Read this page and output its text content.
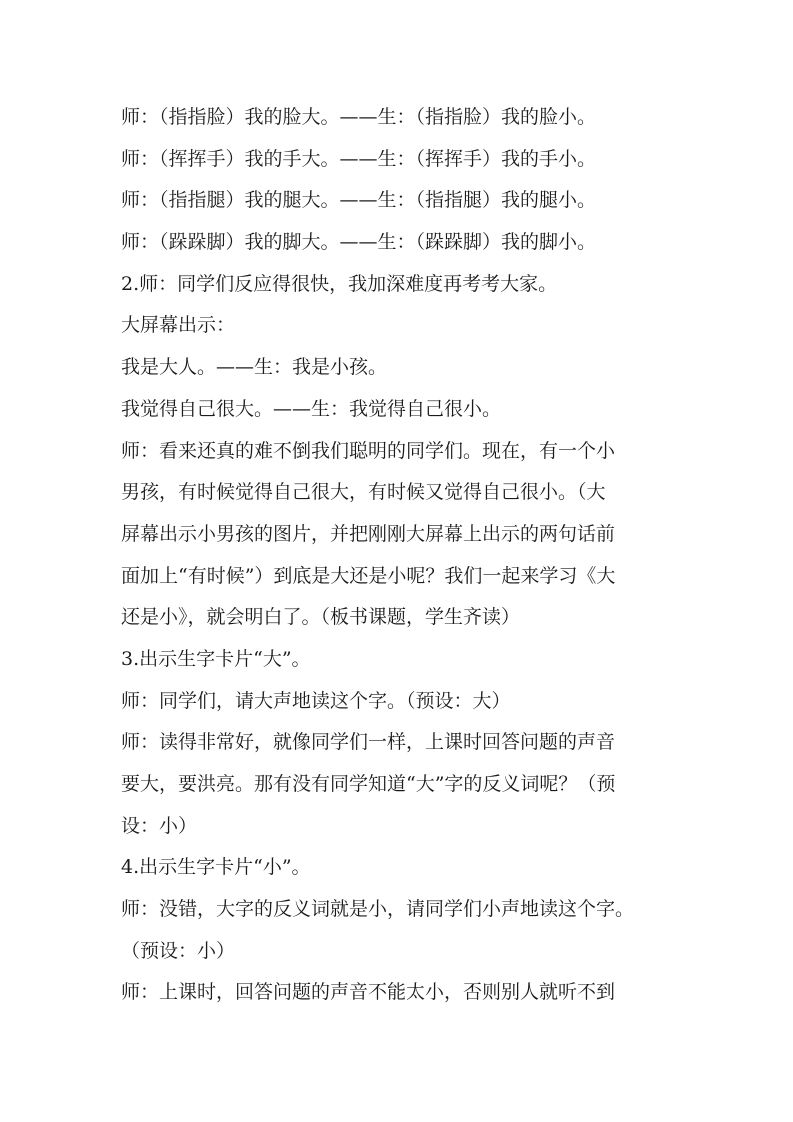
师：（指指脸）我的脸大。——生：（指指脸）我的脸小。

师：（挥挥手）我的手大。——生：（挥挥手）我的手小。

师：（指指腿）我的腿大。——生：（指指腿）我的腿小。

师：（跺跺脚）我的脚大。——生：（跺跺脚）我的脚小。

2.师：同学们反应得很快，我加深难度再考考大家。

大屏幕出示：

我是大人。——生：我是小孩。

我觉得自己很大。——生：我觉得自己很小。

师：看来还真的难不倒我们聪明的同学们。现在，有一个小

男孩，有时候觉得自己很大，有时候又觉得自己很小。（大

屏幕出示小男孩的图片，并把刚刚大屏幕上出示的两句话前

面加上“有时候”）到底是大还是小呢？我们一起来学习《大

还是小》，就会明白了。（板书课题，学生齐读）

3.出示生字卡片“大”。

师：同学们，请大声地读这个字。（预设：大）

师：读得非常好，就像同学们一样，上课时回答问题的声音

要大，要洪亮。那有没有同学知道“大”字的反义词呢？（预

设：小）

4.出示生字卡片“小”。

师：没错，大字的反义词就是小，请同学们小声地读这个字。

（预设：小）

师：上课时，回答问题的声音不能太小，否则别人就听不到
